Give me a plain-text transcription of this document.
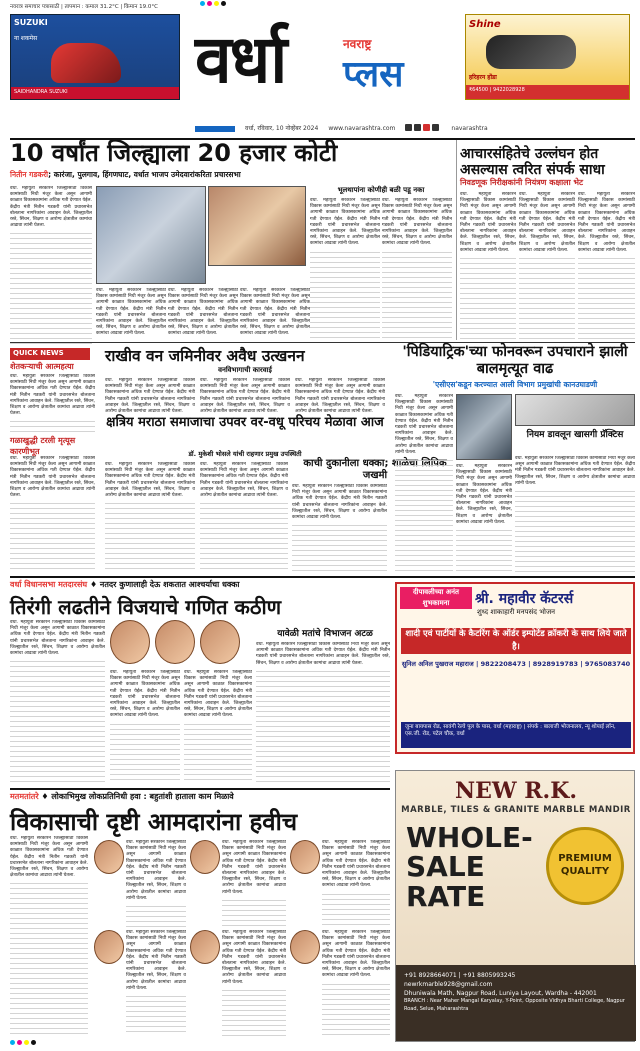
नवरात्र समाचार पत्रासाठी | तापमान : कमाल 31.2°C | किमान 19.0°C
SUZUKI
ना शकमेस
SAIDHANDRA SUZUKI	वर्धा	नवराष्ट्र
प्लस
Shine
हरिहरन होंडा
₹64500 | 9422028928
वर्धा, रविवार, 10 नोव्हेंबर 2024 www.navarashtra.com	navarashtra
10 वर्षांत जिल्ह्याला 20 हजार कोटी
नितीन गडकरी; कारंजा, पुलगाव, हिंगणघाट, वर्धात भाजप उमेदवारांकरिता प्रचारसभा
वर्धा. महायुती सरकारने जिल्ह्यासाठी विकास कामांसाठी निधी मंजूर केला असून आगामी काळात विकासकामांना अधिक गती देण्यात येईल. केंद्रीय मंत्री नितीन गडकरी यांनी प्रचारसभेत बोलताना नागरिकांना आवाहन केले. जिल्ह्यातील रस्ते, सिंचन, शिक्षण व आरोग्य क्षेत्रातील कामांचा आढावा त्यांनी घेतला.
वर्धा. महायुती सरकारने जिल्ह्यासाठी विकास कामांसाठी निधी मंजूर केला असून आगामी काळात विकासकामांना अधिक गती देण्यात येईल. केंद्रीय मंत्री नितीन गडकरी यांनी प्रचारसभेत बोलताना नागरिकांना आवाहन केले. जिल्ह्यातील रस्ते, सिंचन, शिक्षण व आरोग्य क्षेत्रातील कामांचा आढावा त्यांनी घेतला.
वर्धा. महायुती सरकारने जिल्ह्यासाठी विकास कामांसाठी निधी मंजूर केला असून आगामी काळात विकासकामांना अधिक गती देण्यात येईल. केंद्रीय मंत्री नितीन गडकरी यांनी प्रचारसभेत बोलताना नागरिकांना आवाहन केले. जिल्ह्यातील रस्ते, सिंचन, शिक्षण व आरोग्य क्षेत्रातील कामांचा आढावा त्यांनी घेतला.
वर्धा. महायुती सरकारने जिल्ह्यासाठी विकास कामांसाठी निधी मंजूर केला असून आगामी काळात विकासकामांना अधिक गती देण्यात येईल. केंद्रीय मंत्री नितीन गडकरी यांनी प्रचारसभेत बोलताना नागरिकांना आवाहन केले. जिल्ह्यातील रस्ते, सिंचन, शिक्षण व आरोग्य क्षेत्रातील कामांचा आढावा त्यांनी घेतला.
भूलथापांना कोणीही बळी पडू नका
वर्धा. महायुती सरकारने जिल्ह्यासाठी विकास कामांसाठी निधी मंजूर केला असून आगामी काळात विकासकामांना अधिक गती देण्यात येईल. केंद्रीय मंत्री नितीन गडकरी यांनी प्रचारसभेत बोलताना नागरिकांना आवाहन केले. जिल्ह्यातील रस्ते, सिंचन, शिक्षण व आरोग्य क्षेत्रातील कामांचा आढावा त्यांनी घेतला.
वर्धा. महायुती सरकारने जिल्ह्यासाठी विकास कामांसाठी निधी मंजूर केला असून आगामी काळात विकासकामांना अधिक गती देण्यात येईल. केंद्रीय मंत्री नितीन गडकरी यांनी प्रचारसभेत बोलताना नागरिकांना आवाहन केले. जिल्ह्यातील रस्ते, सिंचन, शिक्षण व आरोग्य क्षेत्रातील कामांचा आढावा त्यांनी घेतला.
आचारसंहितेचे उल्लंघन होत असल्यास त्वरित संपर्क साधा
निवडणूक निरीक्षकांनी नियंत्रण कक्षाला भेट
वर्धा. महायुती सरकारने जिल्ह्यासाठी विकास कामांसाठी निधी मंजूर केला असून आगामी काळात विकासकामांना अधिक गती देण्यात येईल. केंद्रीय मंत्री नितीन गडकरी यांनी प्रचारसभेत बोलताना नागरिकांना आवाहन केले. जिल्ह्यातील रस्ते, सिंचन, शिक्षण व आरोग्य क्षेत्रातील कामांचा आढावा त्यांनी घेतला.
वर्धा. महायुती सरकारने जिल्ह्यासाठी विकास कामांसाठी निधी मंजूर केला असून आगामी काळात विकासकामांना अधिक गती देण्यात येईल. केंद्रीय मंत्री नितीन गडकरी यांनी प्रचारसभेत बोलताना नागरिकांना आवाहन केले. जिल्ह्यातील रस्ते, सिंचन, शिक्षण व आरोग्य क्षेत्रातील कामांचा आढावा त्यांनी घेतला.
वर्धा. महायुती सरकारने जिल्ह्यासाठी विकास कामांसाठी निधी मंजूर केला असून आगामी काळात विकासकामांना अधिक गती देण्यात येईल. केंद्रीय मंत्री नितीन गडकरी यांनी प्रचारसभेत बोलताना नागरिकांना आवाहन केले. जिल्ह्यातील रस्ते, सिंचन, शिक्षण व आरोग्य क्षेत्रातील कामांचा आढावा त्यांनी घेतला.
QUICK NEWS
शेतकऱ्याची आत्महत्या
वर्धा. महायुती सरकारने जिल्ह्यासाठी विकास कामांसाठी निधी मंजूर केला असून आगामी काळात विकासकामांना अधिक गती देण्यात येईल. केंद्रीय मंत्री नितीन गडकरी यांनी प्रचारसभेत बोलताना नागरिकांना आवाहन केले. जिल्ह्यातील रस्ते, सिंचन, शिक्षण व आरोग्य क्षेत्रातील कामांचा आढावा त्यांनी घेतला.
गळाखुद्धी टरली मृत्यूस कारणीभूत
वर्धा. महायुती सरकारने जिल्ह्यासाठी विकास कामांसाठी निधी मंजूर केला असून आगामी काळात विकासकामांना अधिक गती देण्यात येईल. केंद्रीय मंत्री नितीन गडकरी यांनी प्रचारसभेत बोलताना नागरिकांना आवाहन केले. जिल्ह्यातील रस्ते, सिंचन, शिक्षण व आरोग्य क्षेत्रातील कामांचा आढावा त्यांनी घेतला.
राखीव वन जमिनीवर अवैध उत्खनन
वनविभागाची कारवाई
वर्धा. महायुती सरकारने जिल्ह्यासाठी विकास कामांसाठी निधी मंजूर केला असून आगामी काळात विकासकामांना अधिक गती देण्यात येईल. केंद्रीय मंत्री नितीन गडकरी यांनी प्रचारसभेत बोलताना नागरिकांना आवाहन केले. जिल्ह्यातील रस्ते, सिंचन, शिक्षण व आरोग्य क्षेत्रातील कामांचा आढावा त्यांनी घेतला.
वर्धा. महायुती सरकारने जिल्ह्यासाठी विकास कामांसाठी निधी मंजूर केला असून आगामी काळात विकासकामांना अधिक गती देण्यात येईल. केंद्रीय मंत्री नितीन गडकरी यांनी प्रचारसभेत बोलताना नागरिकांना आवाहन केले. जिल्ह्यातील रस्ते, सिंचन, शिक्षण व आरोग्य क्षेत्रातील कामांचा आढावा त्यांनी घेतला.
वर्धा. महायुती सरकारने जिल्ह्यासाठी विकास कामांसाठी निधी मंजूर केला असून आगामी काळात विकासकामांना अधिक गती देण्यात येईल. केंद्रीय मंत्री नितीन गडकरी यांनी प्रचारसभेत बोलताना नागरिकांना आवाहन केले. जिल्ह्यातील रस्ते, सिंचन, शिक्षण व आरोग्य क्षेत्रातील कामांचा आढावा त्यांनी घेतला.
क्षत्रिय मराठा समाजाचा उपवर वर-वधू परिचय मेळावा आज
डॉ. मुकेशी भोसले यांची राहणार प्रमुख उपस्थिती
वर्धा. महायुती सरकारने जिल्ह्यासाठी विकास कामांसाठी निधी मंजूर केला असून आगामी काळात विकासकामांना अधिक गती देण्यात येईल. केंद्रीय मंत्री नितीन गडकरी यांनी प्रचारसभेत बोलताना नागरिकांना आवाहन केले. जिल्ह्यातील रस्ते, सिंचन, शिक्षण व आरोग्य क्षेत्रातील कामांचा आढावा त्यांनी घेतला.
वर्धा. महायुती सरकारने जिल्ह्यासाठी विकास कामांसाठी निधी मंजूर केला असून आगामी काळात विकासकामांना अधिक गती देण्यात येईल. केंद्रीय मंत्री नितीन गडकरी यांनी प्रचारसभेत बोलताना नागरिकांना आवाहन केले. जिल्ह्यातील रस्ते, सिंचन, शिक्षण व आरोग्य क्षेत्रातील कामांचा आढावा त्यांनी घेतला.
काची दुकानीला धक्का; शाळेचा लिपिक जखमी
वर्धा. महायुती सरकारने जिल्ह्यासाठी विकास कामांसाठी निधी मंजूर केला असून आगामी काळात विकासकामांना अधिक गती देण्यात येईल. केंद्रीय मंत्री नितीन गडकरी यांनी प्रचारसभेत बोलताना नागरिकांना आवाहन केले. जिल्ह्यातील रस्ते, सिंचन, शिक्षण व आरोग्य क्षेत्रातील कामांचा आढावा त्यांनी घेतला.
'पिडियाट्रिक'च्या फोनवरून उपचाराने झाली बालमृत्यूत वाढ
'एसीएस'कडून करण्यात आली विभाग प्रमुखांची कानउघाडणी
वर्धा. महायुती सरकारने जिल्ह्यासाठी विकास कामांसाठी निधी मंजूर केला असून आगामी काळात विकासकामांना अधिक गती देण्यात येईल. केंद्रीय मंत्री नितीन गडकरी यांनी प्रचारसभेत बोलताना नागरिकांना आवाहन केले. जिल्ह्यातील रस्ते, सिंचन, शिक्षण व आरोग्य क्षेत्रातील कामांचा आढावा त्यांनी घेतला.
वर्धा. महायुती सरकारने जिल्ह्यासाठी विकास कामांसाठी निधी मंजूर केला असून आगामी काळात विकासकामांना अधिक गती देण्यात येईल. केंद्रीय मंत्री नितीन गडकरी यांनी प्रचारसभेत बोलताना नागरिकांना आवाहन केले. जिल्ह्यातील रस्ते, सिंचन, शिक्षण व आरोग्य क्षेत्रातील कामांचा आढावा त्यांनी घेतला.
नियम डावलून खासगी प्रॅक्टिस
वर्धा. महायुती सरकारने जिल्ह्यासाठी विकास कामांसाठी निधी मंजूर केला असून आगामी काळात विकासकामांना अधिक गती देण्यात येईल. केंद्रीय मंत्री नितीन गडकरी यांनी प्रचारसभेत बोलताना नागरिकांना आवाहन केले. जिल्ह्यातील रस्ते, सिंचन, शिक्षण व आरोग्य क्षेत्रातील कामांचा आढावा त्यांनी घेतला.
वर्धा विधानसभा मतदारसंघ ♦ नतदर कुणालाही देऊ शकतात आश्चर्याचा धक्का
तिरंगी लढतीने विजयाचे गणित कठीण
वर्धा. महायुती सरकारने जिल्ह्यासाठी विकास कामांसाठी निधी मंजूर केला असून आगामी काळात विकासकामांना अधिक गती देण्यात येईल. केंद्रीय मंत्री नितीन गडकरी यांनी प्रचारसभेत बोलताना नागरिकांना आवाहन केले. जिल्ह्यातील रस्ते, सिंचन, शिक्षण व आरोग्य क्षेत्रातील कामांचा आढावा त्यांनी घेतला.
वर्धा. महायुती सरकारने जिल्ह्यासाठी विकास कामांसाठी निधी मंजूर केला असून आगामी काळात विकासकामांना अधिक गती देण्यात येईल. केंद्रीय मंत्री नितीन गडकरी यांनी प्रचारसभेत बोलताना नागरिकांना आवाहन केले. जिल्ह्यातील रस्ते, सिंचन, शिक्षण व आरोग्य क्षेत्रातील कामांचा आढावा त्यांनी घेतला.
वर्धा. महायुती सरकारने जिल्ह्यासाठी विकास कामांसाठी निधी मंजूर केला असून आगामी काळात विकासकामांना अधिक गती देण्यात येईल. केंद्रीय मंत्री नितीन गडकरी यांनी प्रचारसभेत बोलताना नागरिकांना आवाहन केले. जिल्ह्यातील रस्ते, सिंचन, शिक्षण व आरोग्य क्षेत्रातील कामांचा आढावा त्यांनी घेतला.
यावेळी मतांचे विभाजन अटळ
वर्धा. महायुती सरकारने जिल्ह्यासाठी विकास कामांसाठी निधी मंजूर केला असून आगामी काळात विकासकामांना अधिक गती देण्यात येईल. केंद्रीय मंत्री नितीन गडकरी यांनी प्रचारसभेत बोलताना नागरिकांना आवाहन केले. जिल्ह्यातील रस्ते, सिंचन, शिक्षण व आरोग्य क्षेत्रातील कामांचा आढावा त्यांनी घेतला.
दीपावलीच्या अनंत शुभकामना	श्री. महावीर कॅटरर्स
शुध्द शाकाहारी मनपसंद भोजन
शादी एवं पार्टीयों के कैटरिंग के ऑर्डर इम्पोर्टेड क्रॉकरी के साथ लिये जाते है।
सुनिल अनिल पुखराज महाराज | 9822208473 | 8928919783 | 9765083740
जुना बायपास रोड, सावंगी रेल्वे पुल के पास, वर्धा (महाराष्ट्र) | संपर्क : बालाजी भोजनालय, न्यू शोपाई लॉन, एस.जी. रोड, पटेल चौक, वर्धा
मतमतांतरे ♦ लोकाभिमुख लोकप्रतिनिधी हवा : बहुतांशी हाताला काम मिळावे
विकासाची दृष्टी आमदारांना हवीच
वर्धा. महायुती सरकारने जिल्ह्यासाठी विकास कामांसाठी निधी मंजूर केला असून आगामी काळात विकासकामांना अधिक गती देण्यात येईल. केंद्रीय मंत्री नितीन गडकरी यांनी प्रचारसभेत बोलताना नागरिकांना आवाहन केले. जिल्ह्यातील रस्ते, सिंचन, शिक्षण व आरोग्य क्षेत्रातील कामांचा आढावा त्यांनी घेतला.
वर्धा. महायुती सरकारने जिल्ह्यासाठी विकास कामांसाठी निधी मंजूर केला असून आगामी काळात विकासकामांना अधिक गती देण्यात येईल. केंद्रीय मंत्री नितीन गडकरी यांनी प्रचारसभेत बोलताना नागरिकांना आवाहन केले. जिल्ह्यातील रस्ते, सिंचन, शिक्षण व आरोग्य क्षेत्रातील कामांचा आढावा त्यांनी घेतला.
वर्धा. महायुती सरकारने जिल्ह्यासाठी विकास कामांसाठी निधी मंजूर केला असून आगामी काळात विकासकामांना अधिक गती देण्यात येईल. केंद्रीय मंत्री नितीन गडकरी यांनी प्रचारसभेत बोलताना नागरिकांना आवाहन केले. जिल्ह्यातील रस्ते, सिंचन, शिक्षण व आरोग्य क्षेत्रातील कामांचा आढावा त्यांनी घेतला.
वर्धा. महायुती सरकारने जिल्ह्यासाठी विकास कामांसाठी निधी मंजूर केला असून आगामी काळात विकासकामांना अधिक गती देण्यात येईल. केंद्रीय मंत्री नितीन गडकरी यांनी प्रचारसभेत बोलताना नागरिकांना आवाहन केले. जिल्ह्यातील रस्ते, सिंचन, शिक्षण व आरोग्य क्षेत्रातील कामांचा आढावा त्यांनी घेतला.
वर्धा. महायुती सरकारने जिल्ह्यासाठी विकास कामांसाठी निधी मंजूर केला असून आगामी काळात विकासकामांना अधिक गती देण्यात येईल. केंद्रीय मंत्री नितीन गडकरी यांनी प्रचारसभेत बोलताना नागरिकांना आवाहन केले. जिल्ह्यातील रस्ते, सिंचन, शिक्षण व आरोग्य क्षेत्रातील कामांचा आढावा त्यांनी घेतला.
वर्धा. महायुती सरकारने जिल्ह्यासाठी विकास कामांसाठी निधी मंजूर केला असून आगामी काळात विकासकामांना अधिक गती देण्यात येईल. केंद्रीय मंत्री नितीन गडकरी यांनी प्रचारसभेत बोलताना नागरिकांना आवाहन केले. जिल्ह्यातील रस्ते, सिंचन, शिक्षण व आरोग्य क्षेत्रातील कामांचा आढावा त्यांनी घेतला.
वर्धा. महायुती सरकारने जिल्ह्यासाठी विकास कामांसाठी निधी मंजूर केला असून आगामी काळात विकासकामांना अधिक गती देण्यात येईल. केंद्रीय मंत्री नितीन गडकरी यांनी प्रचारसभेत बोलताना नागरिकांना आवाहन केले. जिल्ह्यातील रस्ते, सिंचन, शिक्षण व आरोग्य क्षेत्रातील कामांचा आढावा त्यांनी घेतला.
NEW R.K.
MARBLE, TILES & GRANITE MARBLE MANDIR
WHOLE-SALE RATE
PREMIUM QUALITY
+91 8928664071 | +91 8805993245
newrkmarble928@gmail.com
Dhuniwala Math, Nagpur Road, Luniya Layout, Wardha - 442001
BRANCH : Near Maher Mangal Karyalay, Y-Point, Opposite Vidhya Bharti College, Nagpur Road, Selue, Maharashtra
